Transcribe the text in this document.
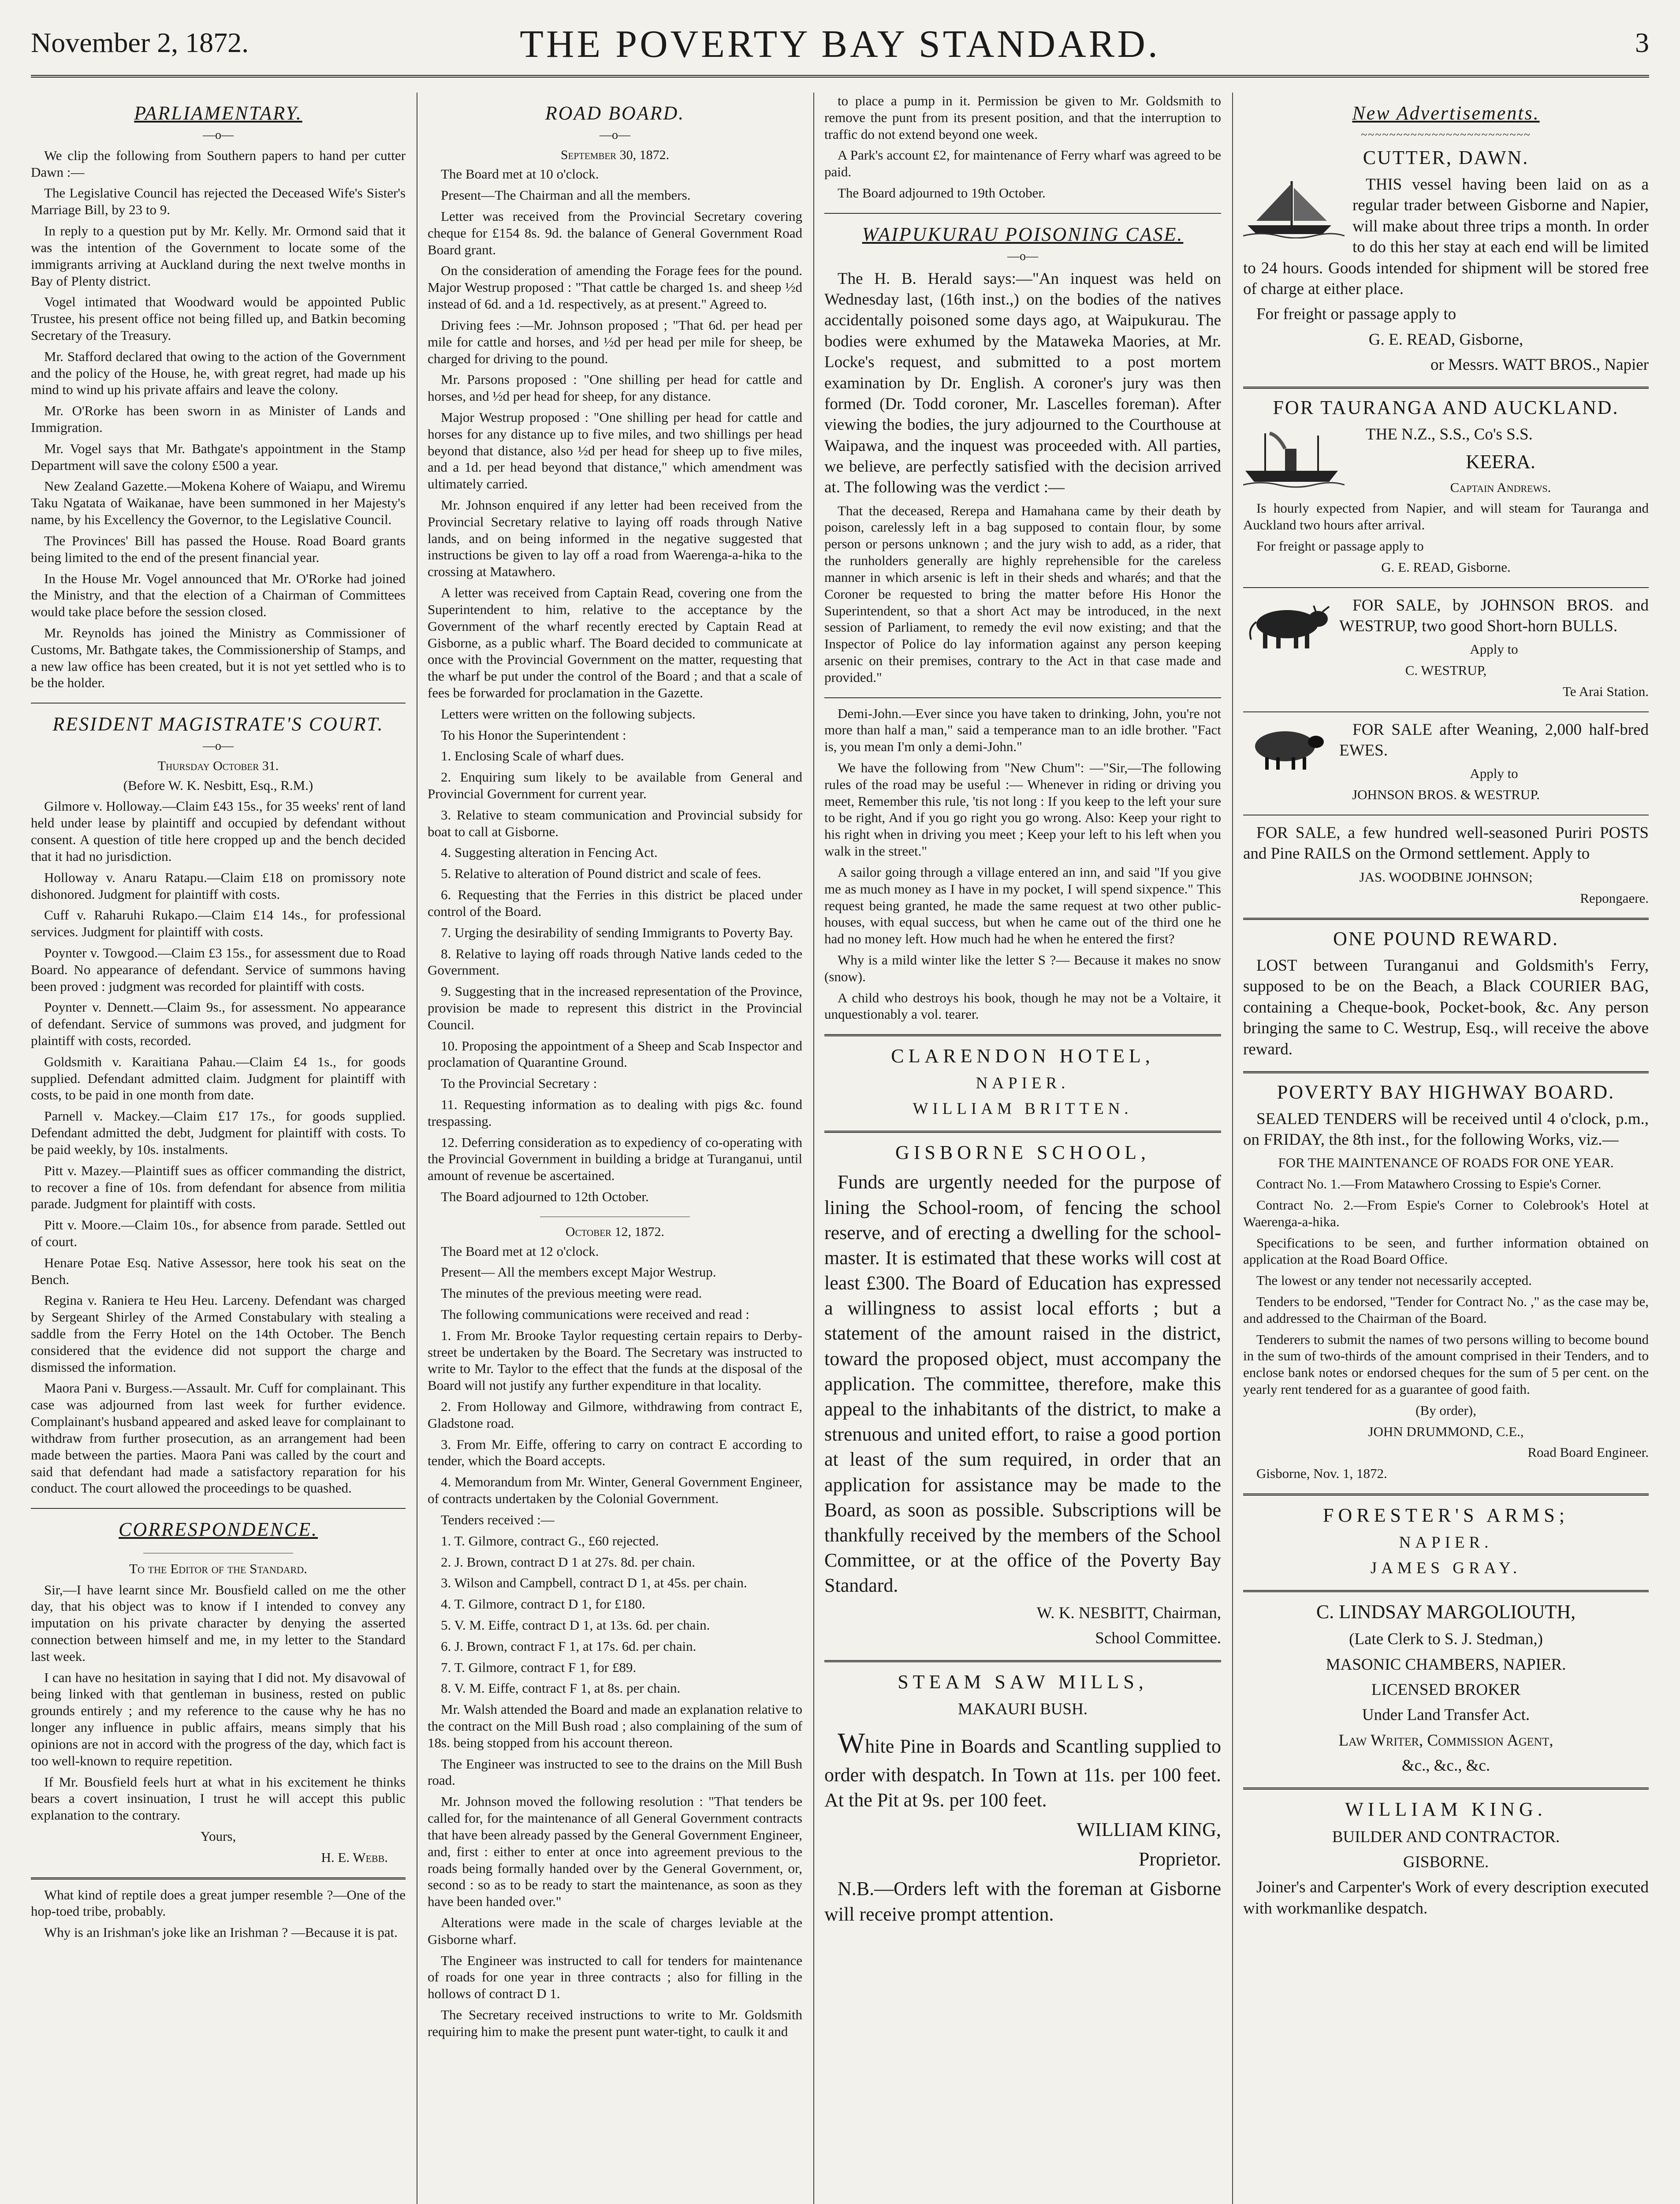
November 2, 1872.	THE POVERTY BAY STANDARD.	3
PARLIAMENTARY.
—o—

We clip the following from Southern papers to hand per cutter Dawn :—

The Legislative Council has rejected the Deceased Wife's Sister's Marriage Bill, by 23 to 9.

In reply to a question put by Mr. Kelly. Mr. Ormond said that it was the intention of the Government to locate some of the immigrants arriving at Auckland during the next twelve months in Bay of Plenty district.

Vogel intimated that Woodward would be appointed Public Trustee, his present office not being filled up, and Batkin becoming Secretary of the Treasury.

Mr. Stafford declared that owing to the action of the Government and the policy of the House, he, with great regret, had made up his mind to wind up his private affairs and leave the colony.

Mr. O'Rorke has been sworn in as Minister of Lands and Immigration.

Mr. Vogel says that Mr. Bathgate's appointment in the Stamp Department will save the colony £500 a year.

New Zealand Gazette.—Mokena Kohere of Waiapu, and Wiremu Taku Ngatata of Waikanae, have been summoned in her Majesty's name, by his Excellency the Governor, to the Legislative Council.

The Provinces' Bill has passed the House. Road Board grants being limited to the end of the present financial year.

In the House Mr. Vogel announced that Mr. O'Rorke had joined the Ministry, and that the election of a Chairman of Committees would take place before the session closed.

Mr. Reynolds has joined the Ministry as Commissioner of Customs, Mr. Bathgate takes, the Commissionership of Stamps, and a new law office has been created, but it is not yet settled who is to be the holder.

RESIDENT MAGISTRATE'S COURT.
—o—
Thursday October 31.

(Before W. K. Nesbitt, Esq., R.M.)

Gilmore v. Holloway.—Claim £43 15s., for 35 weeks' rent of land held under lease by plaintiff and occupied by defendant without consent. A question of title here cropped up and the bench decided that it had no jurisdiction.

Holloway v. Anaru Ratapu.—Claim £18 on promissory note dishonored. Judgment for plaintiff with costs.

Cuff v. Raharuhi Rukapo.—Claim £14 14s., for professional services. Judgment for plaintiff with costs.

Poynter v. Towgood.—Claim £3 15s., for assessment due to Road Board. No appearance of defendant. Service of summons having been proved : judgment was recorded for plaintiff with costs.

Poynter v. Dennett.—Claim 9s., for assessment. No appearance of defendant. Service of summons was proved, and judgment for plaintiff with costs, recorded.

Goldsmith v. Karaitiana Pahau.—Claim £4 1s., for goods supplied. Defendant admitted claim. Judgment for plaintiff with costs, to be paid in one month from date.

Parnell v. Mackey.—Claim £17 17s., for goods supplied. Defendant admitted the debt, Judgment for plaintiff with costs. To be paid weekly, by 10s. instalments.

Pitt v. Mazey.—Plaintiff sues as officer commanding the district, to recover a fine of 10s. from defendant for absence from militia parade. Judgment for plaintiff with costs.

Pitt v. Moore.—Claim 10s., for absence from parade. Settled out of court.

Henare Potae Esq. Native Assessor, here took his seat on the Bench.

Regina v. Raniera te Heu Heu. Larceny. Defendant was charged by Sergeant Shirley of the Armed Constabulary with stealing a saddle from the Ferry Hotel on the 14th October. The Bench considered that the evidence did not support the charge and dismissed the information.

Maora Pani v. Burgess.—Assault. Mr. Cuff for complainant. This case was adjourned from last week for further evidence. Complainant's husband appeared and asked leave for complainant to withdraw from further prosecution, as an arrangement had been made between the parties. Maora Pani was called by the court and said that defendant had made a satisfactory reparation for his conduct. The court allowed the proceedings to be quashed.

CORRESPONDENCE.

To the Editor of the Standard.

Sir,—I have learnt since Mr. Bousfield called on me the other day, that his object was to know if I intended to convey any imputation on his private character by denying the asserted connection between himself and me, in my letter to the Standard last week.

I can have no hesitation in saying that I did not. My disavowal of being linked with that gentleman in business, rested on public grounds entirely ; and my reference to the cause why he has no longer any influence in public affairs, means simply that his opinions are not in accord with the progress of the day, which fact is too well-known to require repetition.

If Mr. Bousfield feels hurt at what in his excitement he thinks bears a covert insinuation, I trust he will accept this public explanation to the contrary.

Yours,

H. E. Webb.

What kind of reptile does a great jumper resemble ?—One of the hop-toed tribe, probably.

Why is an Irishman's joke like an Irishman ? —Because it is pat.

ROAD BOARD.
—o—
September 30, 1872.

The Board met at 10 o'clock.

Present—The Chairman and all the members.

Letter was received from the Provincial Secretary covering cheque for £154 8s. 9d. the balance of General Government Road Board grant.

On the consideration of amending the Forage fees for the pound. Major Westrup proposed : "That cattle be charged 1s. and sheep ½d instead of 6d. and a 1d. respectively, as at present." Agreed to.

Driving fees :—Mr. Johnson proposed ; "That 6d. per head per mile for cattle and horses, and ½d per head per mile for sheep, be charged for driving to the pound.

Mr. Parsons proposed : "One shilling per head for cattle and horses, and ½d per head for sheep, for any distance.

Major Westrup proposed : "One shilling per head for cattle and horses for any distance up to five miles, and two shillings per head beyond that distance, also ½d per head for sheep up to five miles, and a 1d. per head beyond that distance," which amendment was ultimately carried.

Mr. Johnson enquired if any letter had been received from the Provincial Secretary relative to laying off roads through Native lands, and on being informed in the negative suggested that instructions be given to lay off a road from Waerenga-a-hika to the crossing at Matawhero.

A letter was received from Captain Read, covering one from the Superintendent to him, relative to the acceptance by the Government of the wharf recently erected by Captain Read at Gisborne, as a public wharf. The Board decided to communicate at once with the Provincial Government on the matter, requesting that the wharf be put under the control of the Board ; and that a scale of fees be forwarded for proclamation in the Gazette.

Letters were written on the following subjects.

To his Honor the Superintendent :

1. Enclosing Scale of wharf dues.

2. Enquiring sum likely to be available from General and Provincial Government for current year.

3. Relative to steam communication and Provincial subsidy for boat to call at Gisborne.

4. Suggesting alteration in Fencing Act.

5. Relative to alteration of Pound district and scale of fees.

6. Requesting that the Ferries in this district be placed under control of the Board.

7. Urging the desirability of sending Immigrants to Poverty Bay.

8. Relative to laying off roads through Native lands ceded to the Government.

9. Suggesting that in the increased representation of the Province, provision be made to represent this district in the Provincial Council.

10. Proposing the appointment of a Sheep and Scab Inspector and proclamation of Quarantine Ground.

To the Provincial Secretary :

11. Requesting information as to dealing with pigs &c. found trespassing.

12. Deferring consideration as to expediency of co-operating with the Provincial Government in building a bridge at Turanganui, until amount of revenue be ascertained.

The Board adjourned to 12th October.

October 12, 1872.

The Board met at 12 o'clock.

Present— All the members except Major Westrup.

The minutes of the previous meeting were read.

The following communications were received and read :

1. From Mr. Brooke Taylor requesting certain repairs to Derby-street be undertaken by the Board. The Secretary was instructed to write to Mr. Taylor to the effect that the funds at the disposal of the Board will not justify any further expenditure in that locality.

2. From Holloway and Gilmore, withdrawing from contract E, Gladstone road.

3. From Mr. Eiffe, offering to carry on contract E according to tender, which the Board accepts.

4. Memorandum from Mr. Winter, General Government Engineer, of contracts undertaken by the Colonial Government.

Tenders received :—

1. T. Gilmore, contract G., £60 rejected.

2. J. Brown, contract D 1 at 27s. 8d. per chain.

3. Wilson and Campbell, contract D 1, at 45s. per chain.

4. T. Gilmore, contract D 1, for £180.

5. V. M. Eiffe, contract D 1, at 13s. 6d. per chain.

6. J. Brown, contract F 1, at 17s. 6d. per chain.

7. T. Gilmore, contract F 1, for £89.

8. V. M. Eiffe, contract F 1, at 8s. per chain.

Mr. Walsh attended the Board and made an explanation relative to the contract on the Mill Bush road ; also complaining of the sum of 18s. being stopped from his account thereon.

The Engineer was instructed to see to the drains on the Mill Bush road.

Mr. Johnson moved the following resolution : "That tenders be called for, for the maintenance of all General Government contracts that have been already passed by the General Government Engineer, and, first : either to enter at once into agreement previous to the roads being formally handed over by the General Government, or, second : so as to be ready to start the maintenance, as soon as they have been handed over."

Alterations were made in the scale of charges leviable at the Gisborne wharf.

The Engineer was instructed to call for tenders for maintenance of roads for one year in three contracts ; also for filling in the hollows of contract D 1.

The Secretary received instructions to write to Mr. Goldsmith requiring him to make the present punt water-tight, to caulk it and

to place a pump in it. Permission be given to Mr. Goldsmith to remove the punt from its present position, and that the interruption to traffic do not extend beyond one week.

A Park's account £2, for maintenance of Ferry wharf was agreed to be paid.

The Board adjourned to 19th October.

WAIPUKURAU POISONING CASE.
—o—

The H. B. Herald says:—"An inquest was held on Wednesday last, (16th inst.,) on the bodies of the natives accidentally poisoned some days ago, at Waipukurau. The bodies were exhumed by the Mataweka Maories, at Mr. Locke's request, and submitted to a post mortem examination by Dr. English. A coroner's jury was then formed (Dr. Todd coroner, Mr. Lascelles foreman). After viewing the bodies, the jury adjourned to the Courthouse at Waipawa, and the inquest was proceeded with. All parties, we believe, are perfectly satisfied with the decision arrived at. The following was the verdict :—

That the deceased, Rerepa and Hamahana came by their death by poison, carelessly left in a bag supposed to contain flour, by some person or persons unknown ; and the jury wish to add, as a rider, that the runholders generally are highly reprehensible for the careless manner in which arsenic is left in their sheds and wharés; and that the Coroner be requested to bring the matter before His Honor the Superintendent, so that a short Act may be introduced, in the next session of Parliament, to remedy the evil now existing; and that the Inspector of Police do lay information against any person keeping arsenic on their premises, contrary to the Act in that case made and provided."

Demi-John.—Ever since you have taken to drinking, John, you're not more than half a man," said a temperance man to an idle brother. "Fact is, you mean I'm only a demi-John."

We have the following from "New Chum": —"Sir,—The following rules of the road may be useful :— Whenever in riding or driving you meet, Remember this rule, 'tis not long : If you keep to the left your sure to be right, And if you go right you go wrong. Also: Keep your right to his right when in driving you meet ; Keep your left to his left when you walk in the street."

A sailor going through a village entered an inn, and said "If you give me as much money as I have in my pocket, I will spend sixpence." This request being granted, he made the same request at two other public-houses, with equal success, but when he came out of the third one he had no money left. How much had he when he entered the first?

Why is a mild winter like the letter S ?— Because it makes no snow (snow).

A child who destroys his book, though he may not be a Voltaire, it unquestionably a vol. tearer.

CLARENDON HOTEL,

NAPIER.

WILLIAM BRITTEN.

GISBORNE SCHOOL,

Funds are urgently needed for the purpose of lining the School-room, of fencing the school reserve, and of erecting a dwelling for the school-master. It is estimated that these works will cost at least £300. The Board of Education has expressed a willingness to assist local efforts ; but a statement of the amount raised in the district, toward the proposed object, must accompany the application. The committee, therefore, make this appeal to the inhabitants of the district, to make a strenuous and united effort, to raise a good portion at least of the sum required, in order that an application for assistance may be made to the Board, as soon as possible. Subscriptions will be thankfully received by the members of the School Committee, or at the office of the Poverty Bay Standard.

W. K. NESBITT, Chairman,

School Committee.

STEAM SAW MILLS,

MAKAURI BUSH.

White Pine in Boards and Scantling supplied to order with despatch. In Town at 11s. per 100 feet. At the Pit at 9s. per 100 feet.

WILLIAM KING,

Proprietor.

N.B.—Orders left with the foreman at Gisborne will receive prompt attention.

New Advertisements.
~~~~~~~~~~~~~~~~~~~~~~~~
CUTTER, DAWN.

THIS vessel having been laid on as a regular trader between Gisborne and Napier, will make about three trips a month. In order to do this her stay at each end will be limited to 24 hours. Goods intended for shipment will be stored free of charge at either place.

For freight or passage apply to

G. E. READ, Gisborne,

or Messrs. WATT BROS., Napier

FOR TAURANGA AND AUCKLAND.

THE N.Z., S.S., Co's S.S.

KEERA.

Captain Andrews.

Is hourly expected from Napier, and will steam for Tauranga and Auckland two hours after arrival.

For freight or passage apply to

G. E. READ, Gisborne.

FOR SALE, by JOHNSON BROS. and WESTRUP, two good Short-horn BULLS.

Apply to

C. WESTRUP,

Te Arai Station.

FOR SALE after Weaning, 2,000 half-bred EWES.

Apply to

JOHNSON BROS. & WESTRUP.

FOR SALE, a few hundred well-seasoned Puriri POSTS and Pine RAILS on the Ormond settlement. Apply to

JAS. WOODBINE JOHNSON;

Repongaere.

ONE POUND REWARD.

LOST between Turanganui and Goldsmith's Ferry, supposed to be on the Beach, a Black COURIER BAG, containing a Cheque-book, Pocket-book, &c. Any person bringing the same to C. Westrup, Esq., will receive the above reward.

POVERTY BAY HIGHWAY BOARD.

SEALED TENDERS will be received until 4 o'clock, p.m., on FRIDAY, the 8th inst., for the following Works, viz.—

FOR THE MAINTENANCE OF ROADS FOR ONE YEAR.

Contract No. 1.—From Matawhero Crossing to Espie's Corner.

Contract No. 2.—From Espie's Corner to Colebrook's Hotel at Waerenga-a-hika.

Specifications to be seen, and further information obtained on application at the Road Board Office.

The lowest or any tender not necessarily accepted.

Tenders to be endorsed, "Tender for Contract No. ," as the case may be, and addressed to the Chairman of the Board.

Tenderers to submit the names of two persons willing to become bound in the sum of two-thirds of the amount comprised in their Tenders, and to enclose bank notes or endorsed cheques for the sum of 5 per cent. on the yearly rent tendered for as a guarantee of good faith.

(By order),

JOHN DRUMMOND, C.E.,

Road Board Engineer.

Gisborne, Nov. 1, 1872.

FORESTER'S ARMS;

NAPIER.

JAMES GRAY.

C. LINDSAY MARGOLIOUTH,

(Late Clerk to S. J. Stedman,)

MASONIC CHAMBERS, NAPIER.

LICENSED BROKER

Under Land Transfer Act.

Law Writer, Commission Agent,

&c., &c., &c.

WILLIAM KING.

BUILDER AND CONTRACTOR.

GISBORNE.

Joiner's and Carpenter's Work of every description executed with workmanlike despatch.
